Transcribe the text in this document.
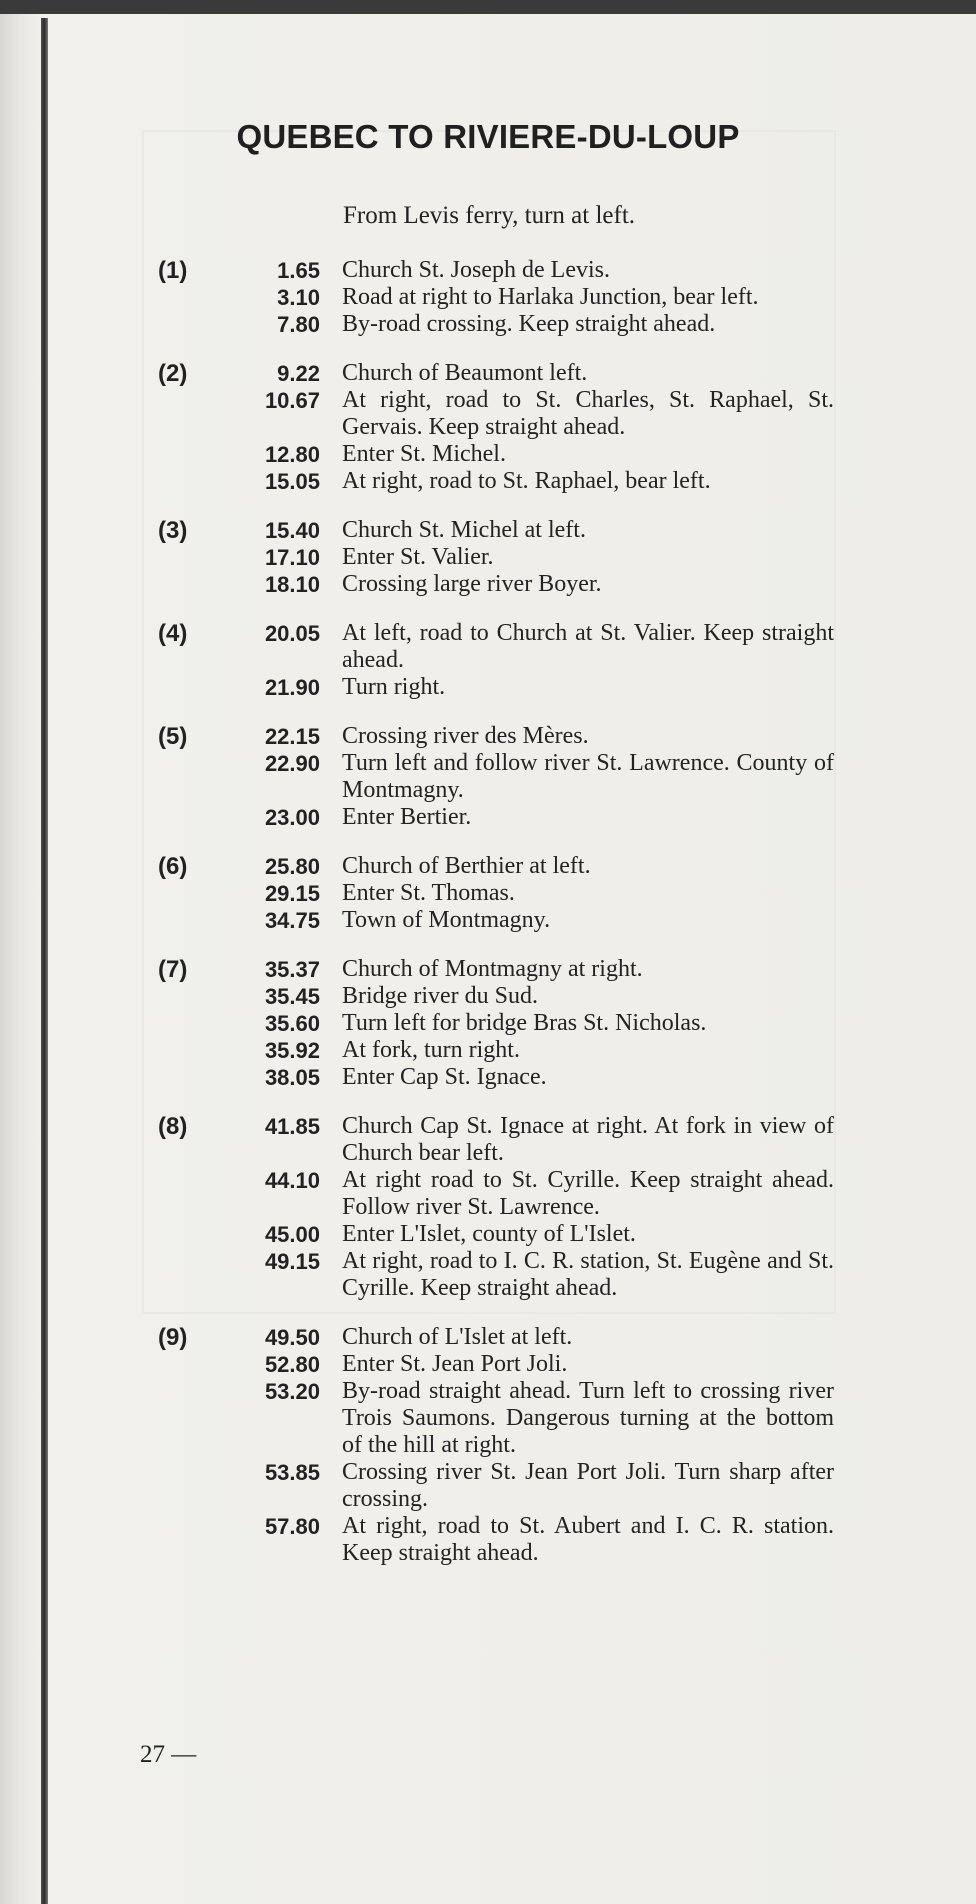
QUEBEC TO RIVIERE-DU-LOUP
From Levis ferry, turn at left.
(1)	1.65 Church St. Joseph de Levis.
3.10 Road at right to Harlaka Junction, bear left.
7.80 By-road crossing. Keep straight ahead.
(2)	9.22 Church of Beaumont left.
10.67 At right, road to St. Charles, St. Raphael, St. Gervais. Keep straight ahead.
12.80 Enter St. Michel.
15.05 At right, road to St. Raphael, bear left.
(3)	15.40 Church St. Michel at left.
17.10 Enter St. Valier.
18.10 Crossing large river Boyer.
(4)	20.05 At left, road to Church at St. Valier. Keep straight ahead.
21.90 Turn right.
(5)	22.15 Crossing river des Mères.
22.90 Turn left and follow river St. Lawrence. County of Montmagny.
23.00 Enter Bertier.
(6)	25.80 Church of Berthier at left.
29.15 Enter St. Thomas.
34.75 Town of Montmagny.
(7)	35.37 Church of Montmagny at right.
35.45 Bridge river du Sud.
35.60 Turn left for bridge Bras St. Nicholas.
35.92 At fork, turn right.
38.05 Enter Cap St. Ignace.
(8)	41.85 Church Cap St. Ignace at right. At fork in view of Church bear left.
44.10 At right road to St. Cyrille. Keep straight ahead. Follow river St. Lawrence.
45.00 Enter L'Islet, county of L'Islet.
49.15 At right, road to I. C. R. station, St. Eugène and St. Cyrille. Keep straight ahead.
(9)	49.50 Church of L'Islet at left.
52.80 Enter St. Jean Port Joli.
53.20 By-road straight ahead. Turn left to crossing river Trois Saumons. Dangerous turning at the bottom of the hill at right.
53.85 Crossing river St. Jean Port Joli. Turn sharp after crossing.
57.80 At right, road to St. Aubert and I. C. R. station. Keep straight ahead.
27 —
